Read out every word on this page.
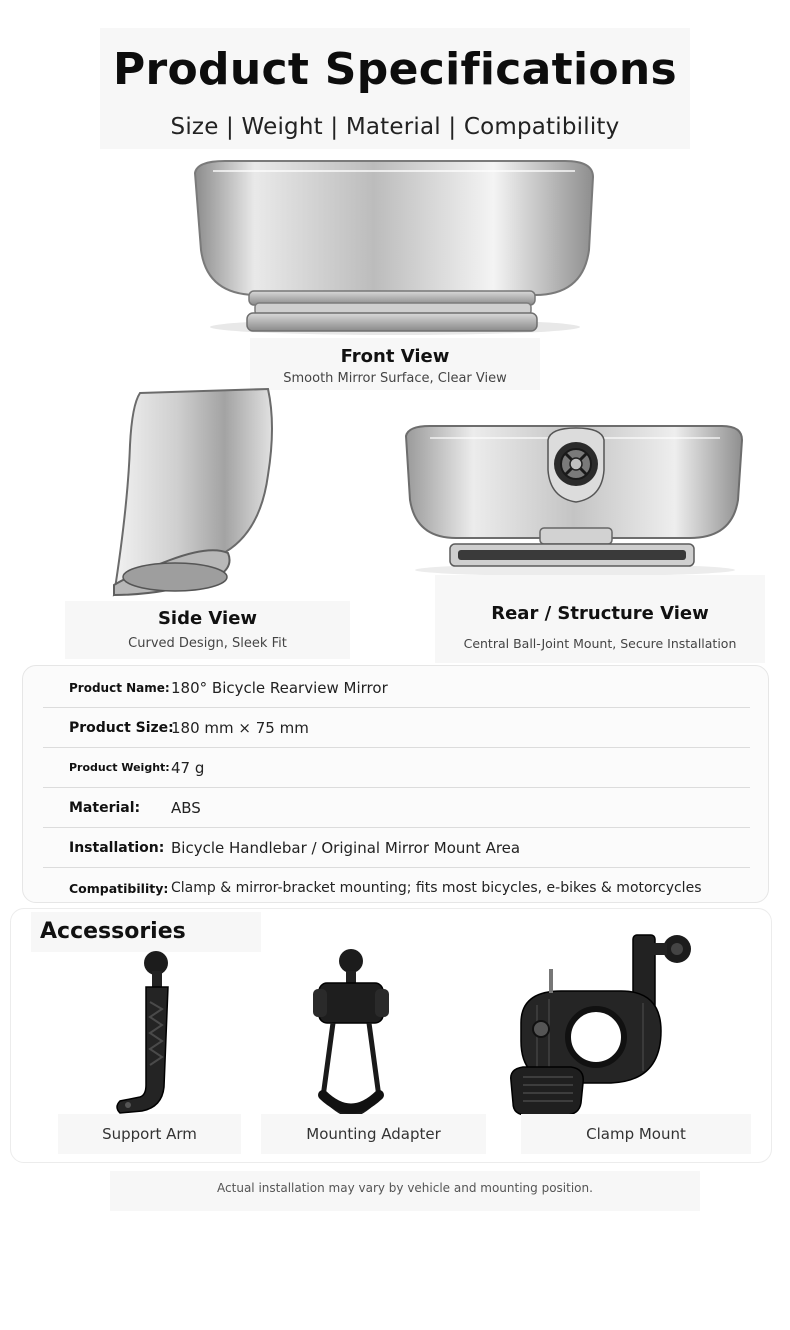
Product Specifications
Size | Weight | Material | Compatibility
Front View
Smooth Mirror Surface, Clear View
Side View
Curved Design, Sleek Fit
Rear / Structure View
Central Ball-Joint Mount, Secure Installation
Product Name: 180° Bicycle Rearview Mirror
Product Size:
180 mm × 75 mm
Product Weight: 47 g
Material:	ABS
Installation: Bicycle Handlebar / Original Mirror Mount Area
Compatibility: Clamp & mirror-bracket mounting; fits most bicycles, e-bikes & motorcycles
Accessories
Support Arm	Mounting Adapter	Clamp Mount
Actual installation may vary by vehicle and mounting position.
